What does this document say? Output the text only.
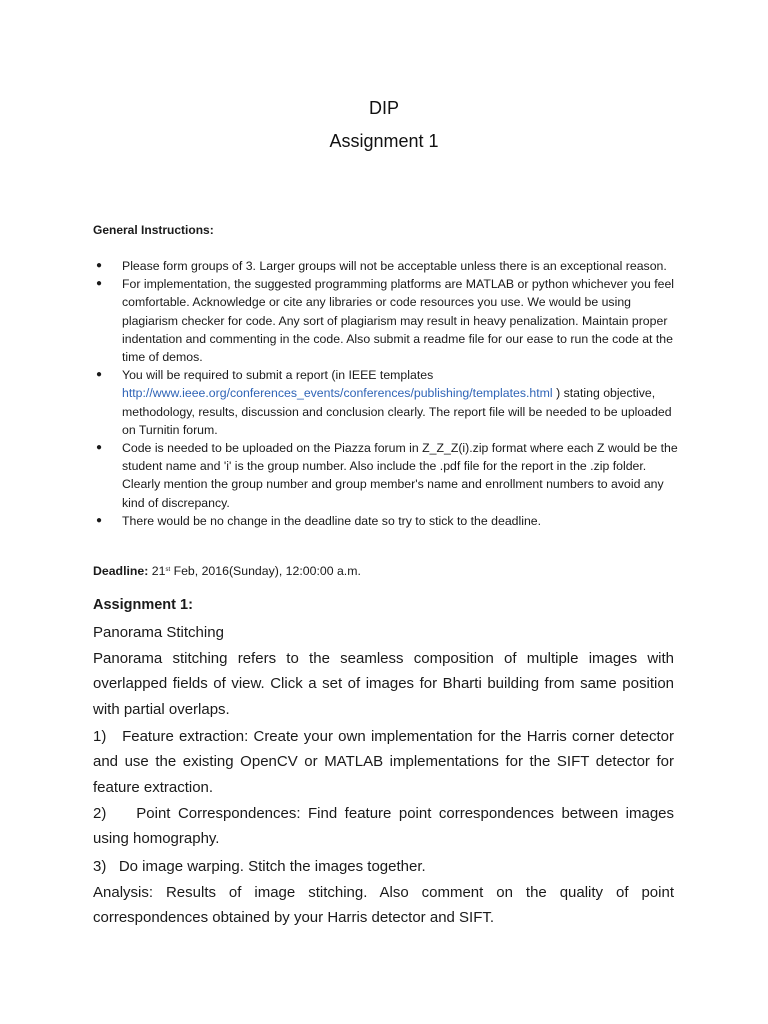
DIP
Assignment 1
General Instructions:
● Please form groups of 3. Larger groups will not be acceptable unless there is an exceptional reason.
● For implementation, the suggested programming platforms are MATLAB or python whichever you feel comfortable. Acknowledge or cite any libraries or code resources you use. We would be using plagiarism checker for code. Any sort of plagiarism may result in heavy penalization. Maintain proper indentation and commenting in the code. Also submit a readme file for our ease to run the code at the time of demos.
● You will be required to submit a report (in IEEE templates http://www.ieee.org/conferences_events/conferences/publishing/templates.html ) stating objective, methodology, results, discussion and conclusion clearly. The report file will be needed to be uploaded on Turnitin forum.
● Code is needed to be uploaded on the Piazza forum in Z_Z_Z(i).zip format where each Z would be the student name and 'i' is the group number. Also include the .pdf file for the report in the .zip folder. Clearly mention the group number and group member's name and enrollment numbers to avoid any kind of discrepancy.
● There would be no change in the deadline date so try to stick to the deadline.
Deadline: 21st Feb, 2016(Sunday), 12:00:00 a.m.
Assignment 1:
Panorama Stitching
Panorama stitching refers to the seamless composition of multiple images with overlapped fields of view. Click a set of images for Bharti building from same position with partial overlaps.
1)   Feature extraction: Create your own implementation for the Harris corner detector and use the existing OpenCV or MATLAB implementations for the SIFT detector for feature extraction.
2)    Point Correspondences: Find feature point correspondences between images using homography.
3)   Do image warping. Stitch the images together.
Analysis: Results of image stitching. Also comment on the quality of point correspondences obtained by your Harris detector and SIFT.
